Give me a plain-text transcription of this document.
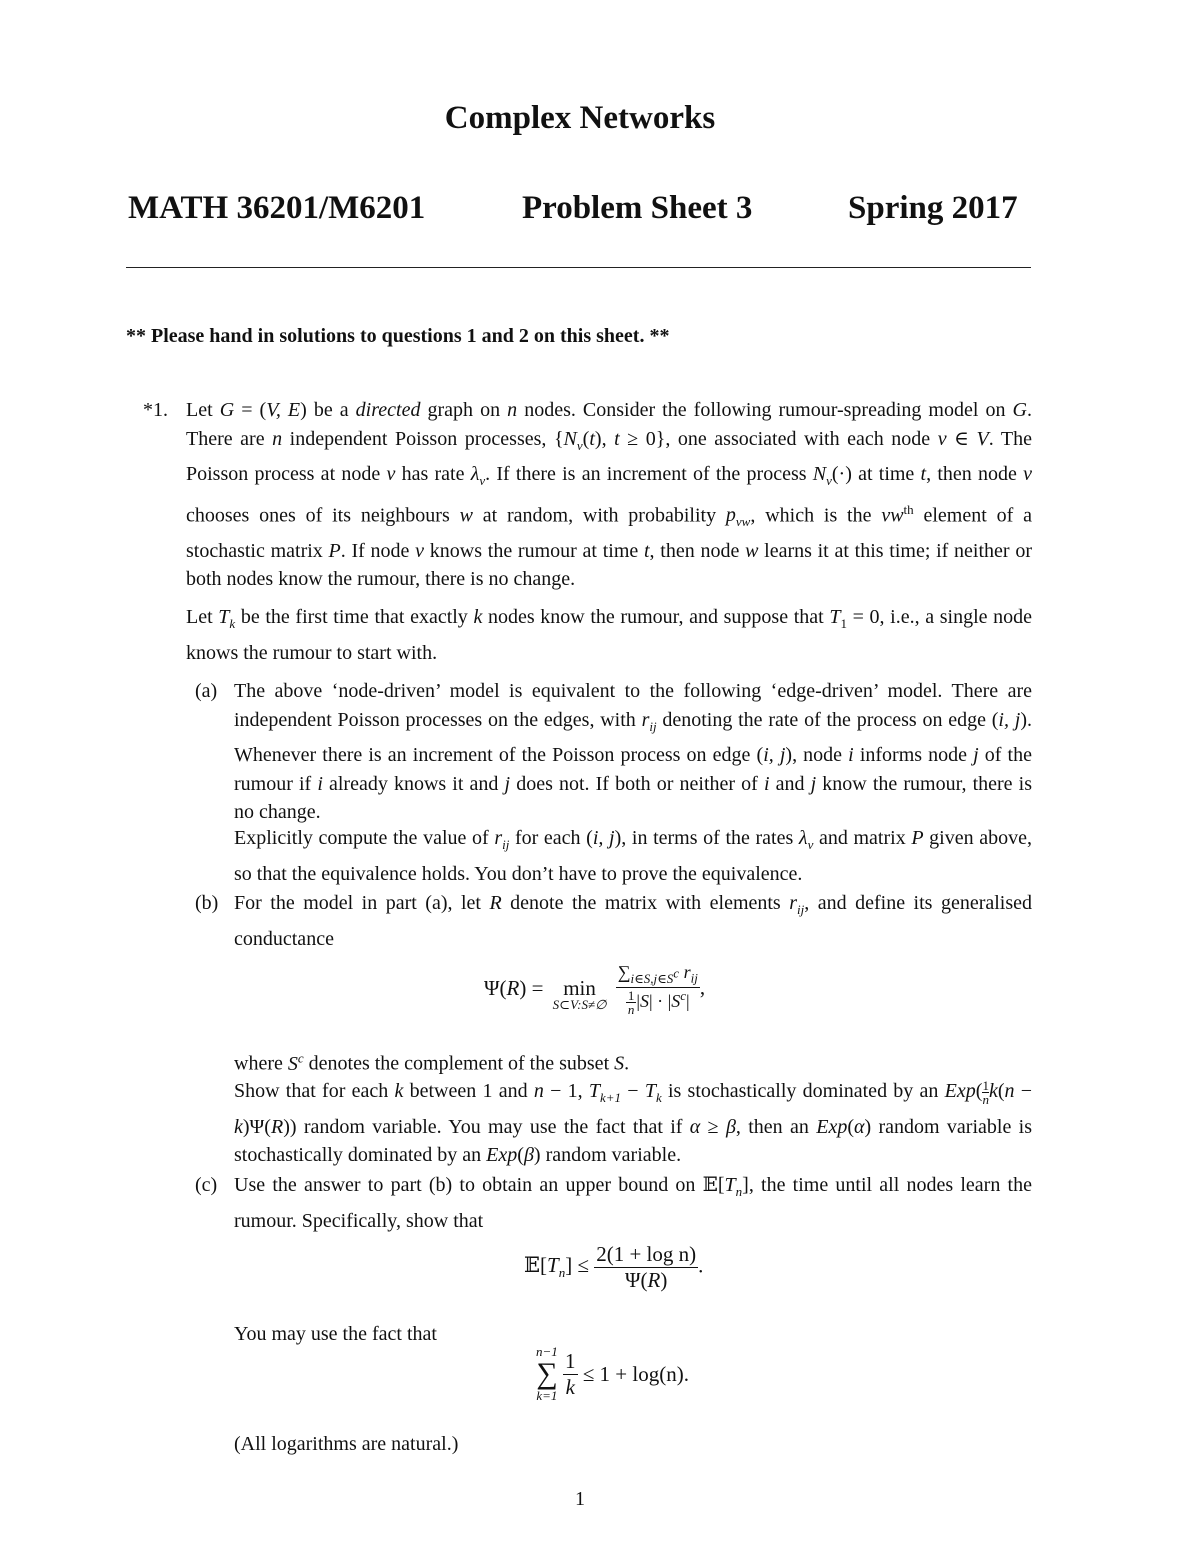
Complex Networks
MATH 36201/M6201	Problem Sheet 3	Spring 2017
** Please hand in solutions to questions 1 and 2 on this sheet. **
*1. Let G = (V, E) be a directed graph on n nodes. Consider the following rumour-spreading model on G. There are n independent Poisson processes, {$N_v(t)$, t ≥ 0}, one associated with each node v ∈ V. The Poisson process at node v has rate $\lambda_v$. If there is an increment of the process $N_v(\cdot)$ at time t, then node v chooses ones of its neighbours w at random, with probability $p_{vw}$, which is the $vw^{th}$ element of a stochastic matrix P. If node v knows the rumour at time t, then node w learns it at this time; if neither or both nodes know the rumour, there is no change.
Let $T_k$ be the first time that exactly k nodes know the rumour, and suppose that $T_1 = 0$, i.e., a single node knows the rumour to start with.
(a) The above ‘node-driven’ model is equivalent to the following ‘edge-driven’ model. There are independent Poisson processes on the edges, with $r_{ij}$ denoting the rate of the process on edge (i, j). Whenever there is an increment of the Poisson process on edge (i, j), node i informs node j of the rumour if i already knows it and j does not. If both or neither of i and j know the rumour, there is no change.
Explicitly compute the value of $r_{ij}$ for each (i, j), in terms of the rates $\lambda_v$ and matrix P given above, so that the equivalence holds. You don’t have to prove the equivalence.
(b) For the model in part (a), let R denote the matrix with elements $r_{ij}$, and define its generalised conductance
Ψ(R) = min
S⊂V:S≠∅
$\frac{\sum_{i\in S,j\in S^c} r_{ij}}{\frac{1}{n}|S| \cdot |S^c|}$ ,
where $S^c$ denotes the complement of the subset S.
Show that for each k between 1 and n − 1, $T_{k+1} - T_k$ is stochastically dominated by an $Exp( \frac{1}{n}k(n - k)\Psi(R))$ random variable. You may use the fact that if α ≥ β, then an Exp(α) random variable is stochastically dominated by an Exp(β) random variable.
(c) Use the answer to part (b) to obtain an upper bound on $𝔼[T_n]$, the time until all nodes learn the rumour. Specifically, show that
$𝔼[T_n] \le \frac{\text{2(1 + log n)}}{\Psi(R)}$ .
You may use the fact that
n−1
∑
k=1
$\frac{1}{k} \le 1 + \log(n)$.
(All logarithms are natural.)
1
